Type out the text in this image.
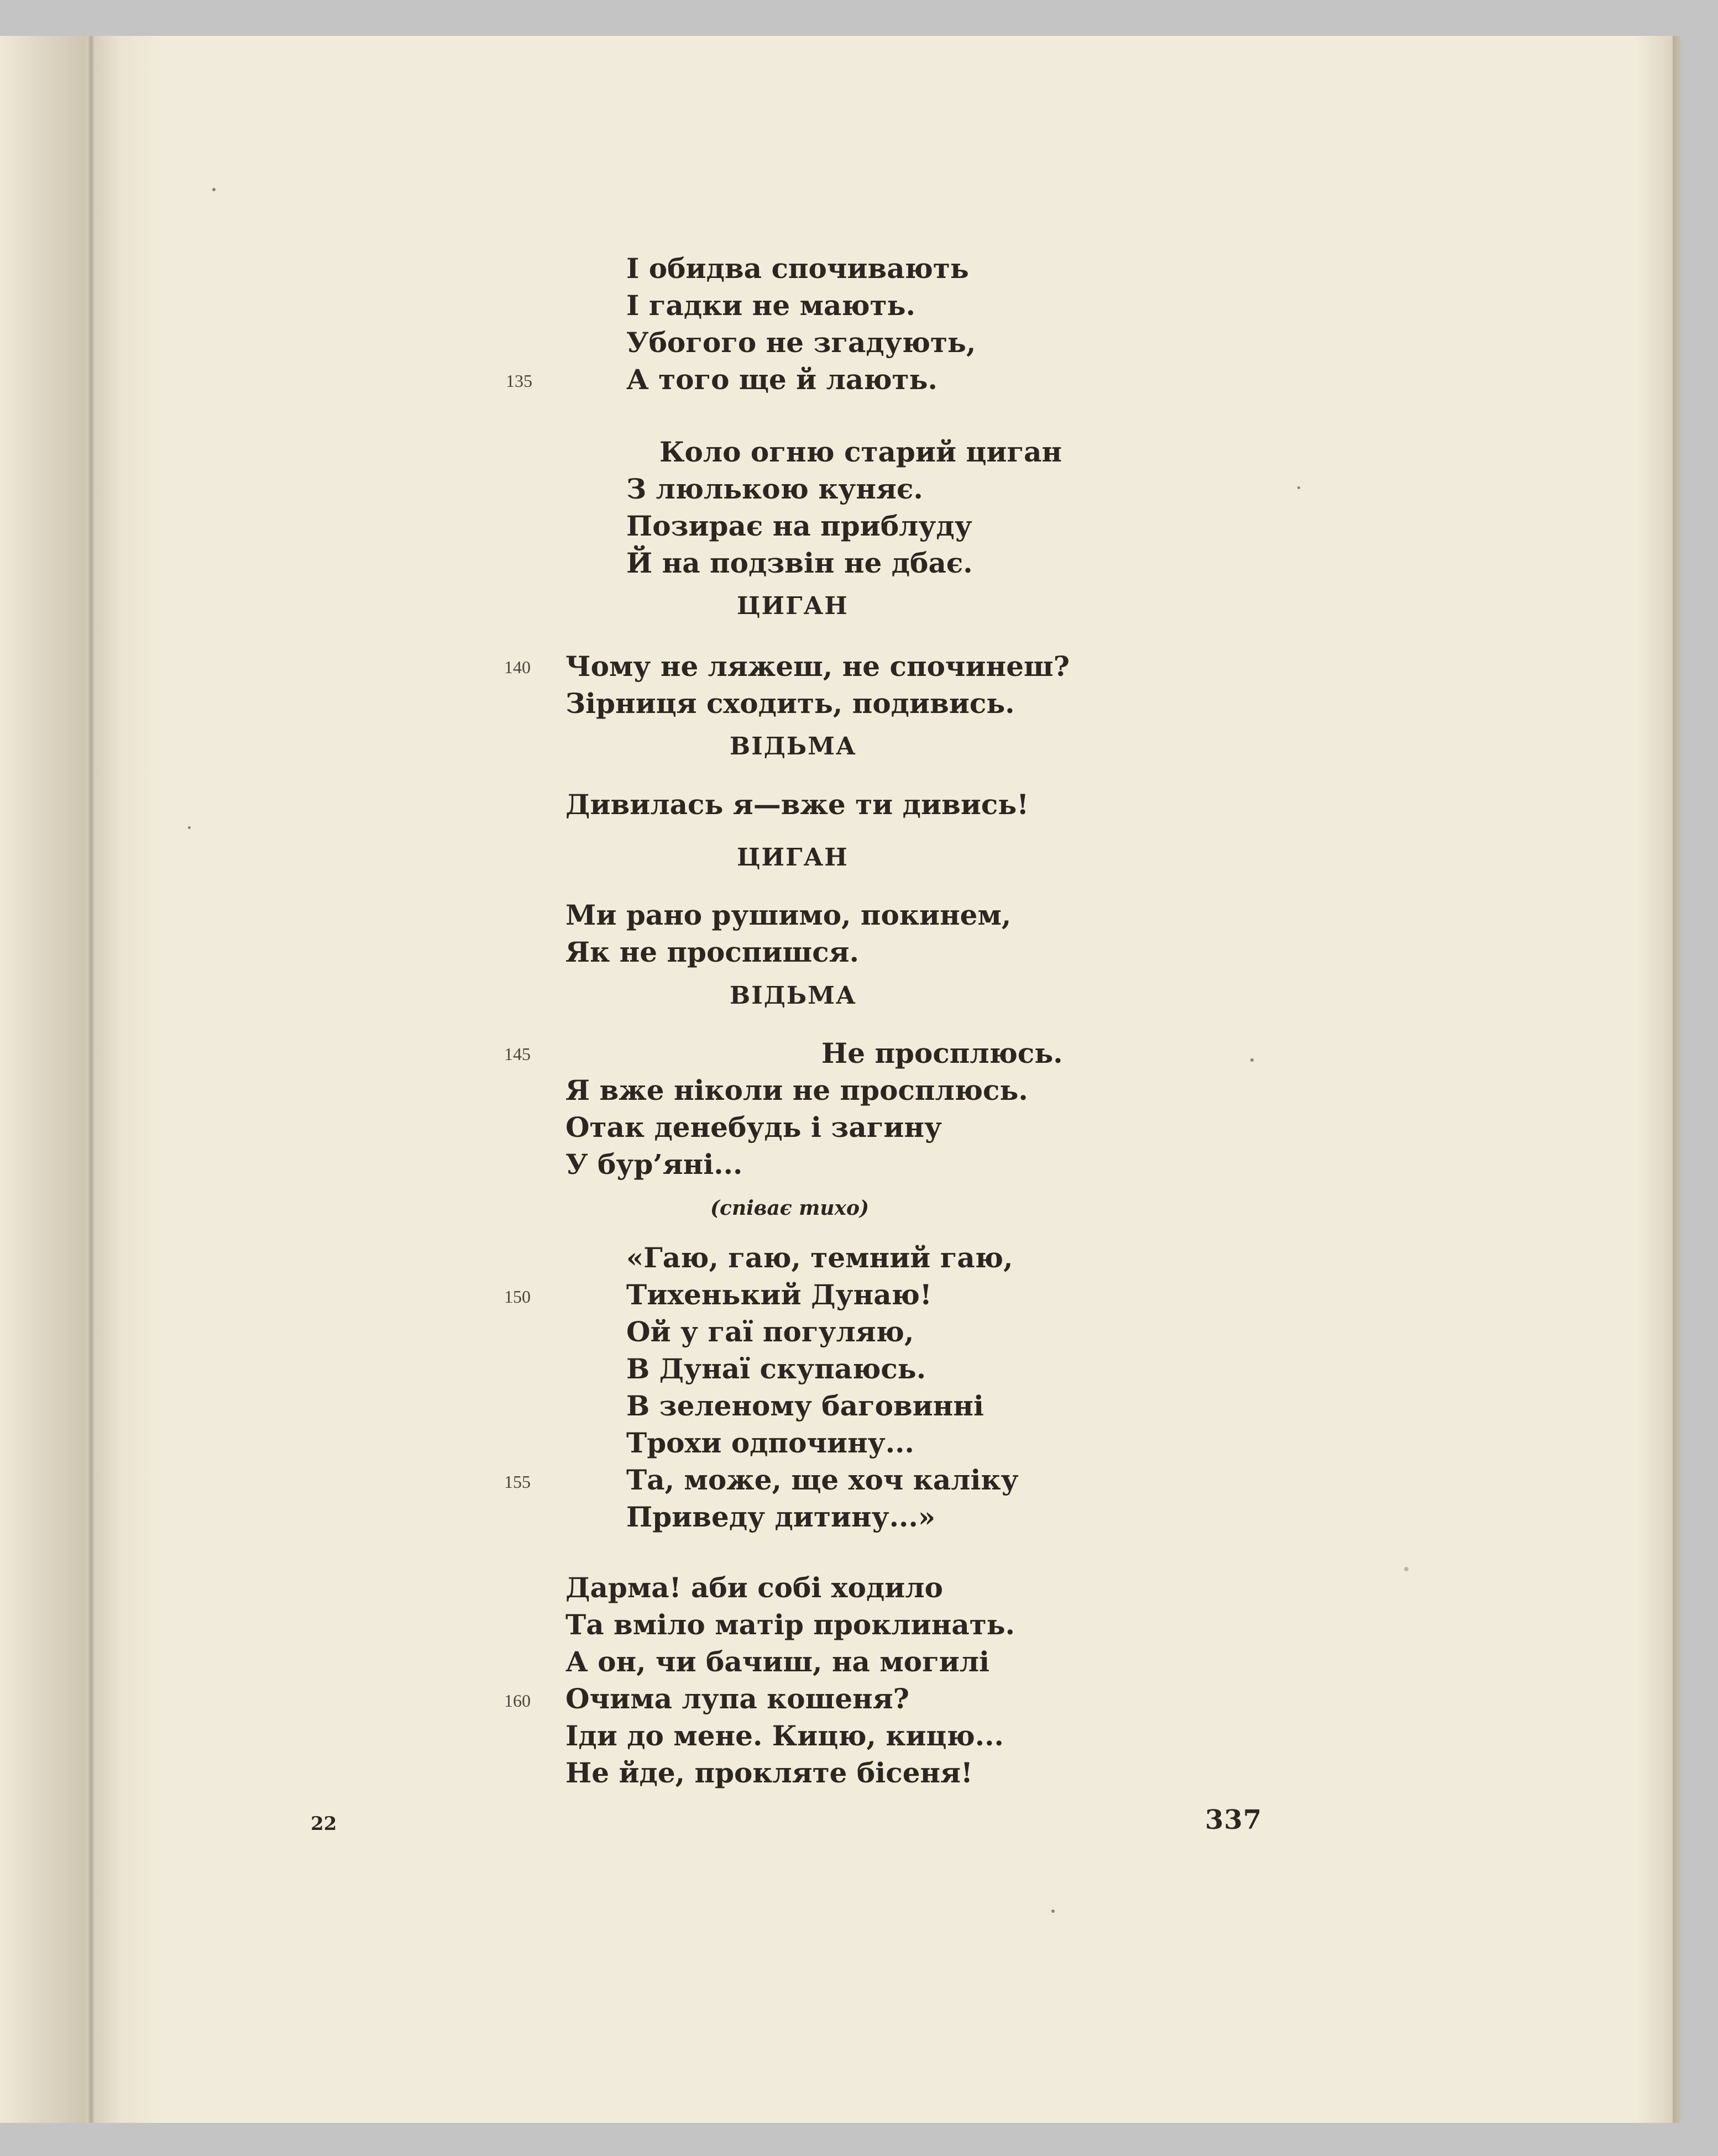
І обидва спочивають

І гадки не мають.

Убогого не згадують,

А того ще й лають.

135

Коло огню старий циган

З люлькою куняє.

Позирає на приблуду

Й на подзвін не дбає.

ЦИГАН

140 Чому не ляжеш, не спочинеш?

Зірниця сходить, подивись.

ВІДЬМА

Дивилась я—вже ти дивись!

ЦИГАН

Ми рано рушимо, покинем,

Як не проспишся.

ВІДЬМА

145	Не просплюсь.

Я вже ніколи не просплюсь.

Отак денебудь і загину

У бур’яні...

(співає тихо)

«Гаю, гаю, темний гаю,

150	Тихенький Дунаю!

Ой у гаї погуляю,

В Дунаї скупаюсь.

В зеленому баговинні

Трохи одпочину...

155	Та, може, ще хоч каліку

Приведу дитину...»

Дарма! аби собі ходило

Та вміло матір проклинать.

А он, чи бачиш, на могилі

160 Очима лупа кошеня?

Іди до мене. Кицю, кицю...

Не йде, прокляте бісеня!

22	337
